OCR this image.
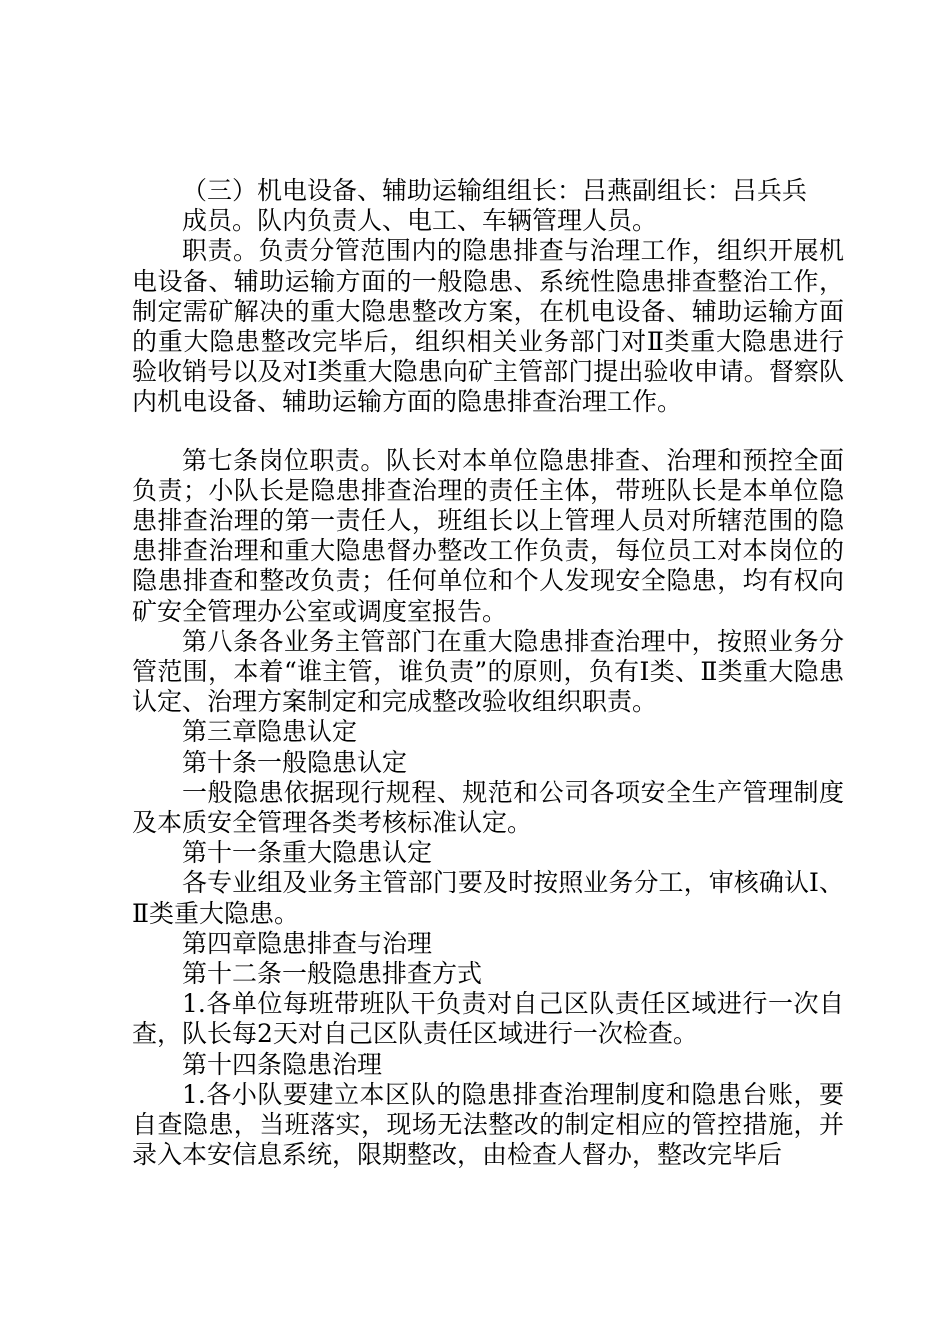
（三）机电设备、辅助运输组组长：吕燕副组长：吕兵兵

成员。队内负责人、电工、车辆管理人员。

职责。负责分管范围内的隐患排查与治理工作，组织开展机电设备、辅助运输方面的一般隐患、系统性隐患排查整治工作，制定需矿解决的重大隐患整改方案，在机电设备、辅助运输方面的重大隐患整改完毕后，组织相关业务部门对Ⅱ类重大隐患进行验收销号以及对Ⅰ类重大隐患向矿主管部门提出验收申请。督察队内机电设备、辅助运输方面的隐患排查治理工作。

第七条岗位职责。队长对本单位隐患排查、治理和预控全面负责；小队长是隐患排查治理的责任主体，带班队长是本单位隐患排查治理的第一责任人，班组长以上管理人员对所辖范围的隐患排查治理和重大隐患督办整改工作负责，每位员工对本岗位的隐患排查和整改负责；任何单位和个人发现安全隐患，均有权向矿安全管理办公室或调度室报告。

第八条各业务主管部门在重大隐患排查治理中，按照业务分管范围，本着“谁主管，谁负责”的原则，负有Ⅰ类、Ⅱ类重大隐患认定、治理方案制定和完成整改验收组织职责。

第三章隐患认定

第十条一般隐患认定

一般隐患依据现行规程、规范和公司各项安全生产管理制度及本质安全管理各类考核标准认定。

第十一条重大隐患认定

各专业组及业务主管部门要及时按照业务分工，审核确认Ⅰ、Ⅱ类重大隐患。

第四章隐患排查与治理

第十二条一般隐患排查方式

1.各单位每班带班队干负责对自己区队责任区域进行一次自查，队长每2天对自己区队责任区域进行一次检查。

第十四条隐患治理

1.各小队要建立本区队的隐患排查治理制度和隐患台账，要自查隐患，当班落实，现场无法整改的制定相应的管控措施，并录入本安信息系统，限期整改，由检查人督办，整改完毕后
